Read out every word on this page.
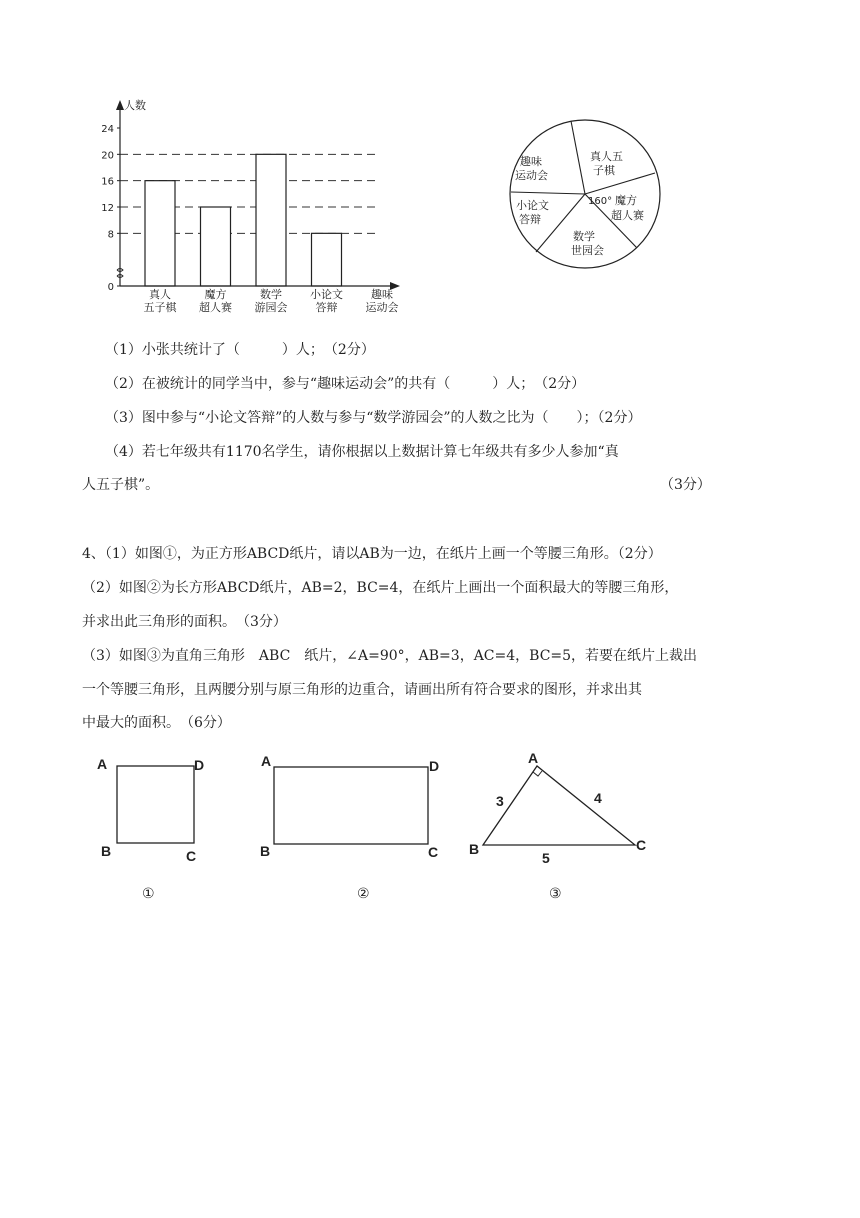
人数
0
8
12
16
20
24
真人五子棋
魔方超人赛
数学游园会
小论文答辩
趣味运动会
趣味 运动会
真人五 子棋
魔方 超人赛
数学 世园会
小论文 答辩
160°
（1）小张共统计了（　　　）人；　（2分）
（2）在被统计的同学当中，参与“趣味运动会”的共有（　　　）人；　（2分）
（3）图中参与“小论文答辩”的人数与参与“数学游园会”的人数之比为（　　）；（2分）
（4）若七年级共有1170名学生，请你根据以上数据计算七年级共有多少人参加“真
人五子棋”。	（3分）
4、（1）如图①，为正方形ABCD纸片，请以AB为一边，在纸片上画一个等腰三角形。（2分）
（2）如图②为长方形ABCD纸片，AB=2，BC=4，在纸片上画出一个面积最大的等腰三角形，
并求出此三角形的面积。　（3分）
（3）如图③为直角三角形　ABC　纸片，∠A=90°，AB=3，AC=4，BC=5，若要在纸片上裁出
一个等腰三角形，且两腰分别与原三角形的边重合，请画出所有符合要求的图形，并求出其
中最大的面积。　（6分）
A	D
B	C
①
A	D
B	C
②
A
B	C
3	4
5
③
